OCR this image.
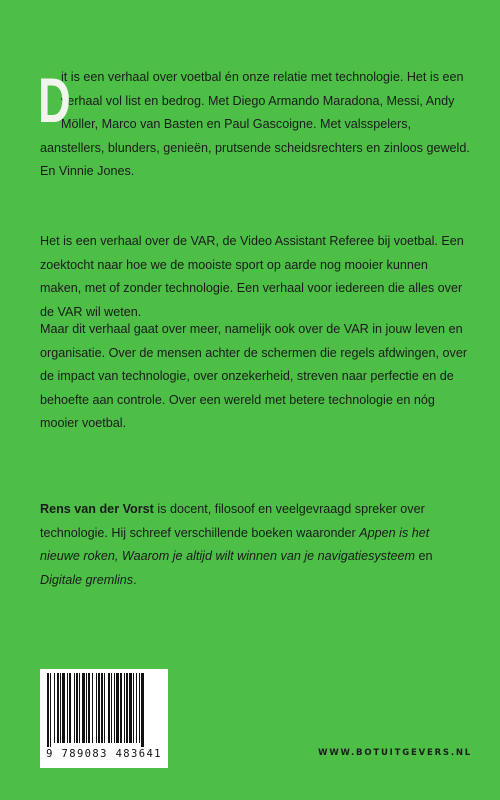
D
it is een verhaal over voetbal én onze relatie met technologie. Het is een verhaal vol list en bedrog. Met Diego Armando Maradona, Messi, Andy Möller, Marco van Basten en Paul Gascoigne. Met valsspelers, aanstellers, blunders, genieën, prutsende scheidsrechters en zinloos geweld. En Vinnie Jones.
Het is een verhaal over de VAR, de Video Assistant Referee bij voetbal. Een zoektocht naar hoe we de mooiste sport op aarde nog mooier kunnen maken, met of zonder technologie. Een verhaal voor iedereen die alles over de VAR wil weten.
Maar dit verhaal gaat over meer, namelijk ook over de VAR in jouw leven en organisatie. Over de mensen achter de schermen die regels afdwingen, over de impact van technologie, over onzekerheid, streven naar perfectie en de behoefte aan controle. Over een wereld met betere technologie en nóg mooier voetbal.
Rens van der Vorst is docent, filosoof en veelgevraagd spreker over technologie. Hij schreef verschillende boeken waaronder Appen is het nieuwe roken, Waarom je altijd wilt winnen van je navigatiesysteem en Digitale gremlins.
9 789083 483641	WWW.BOTUITGEVERS.NL
